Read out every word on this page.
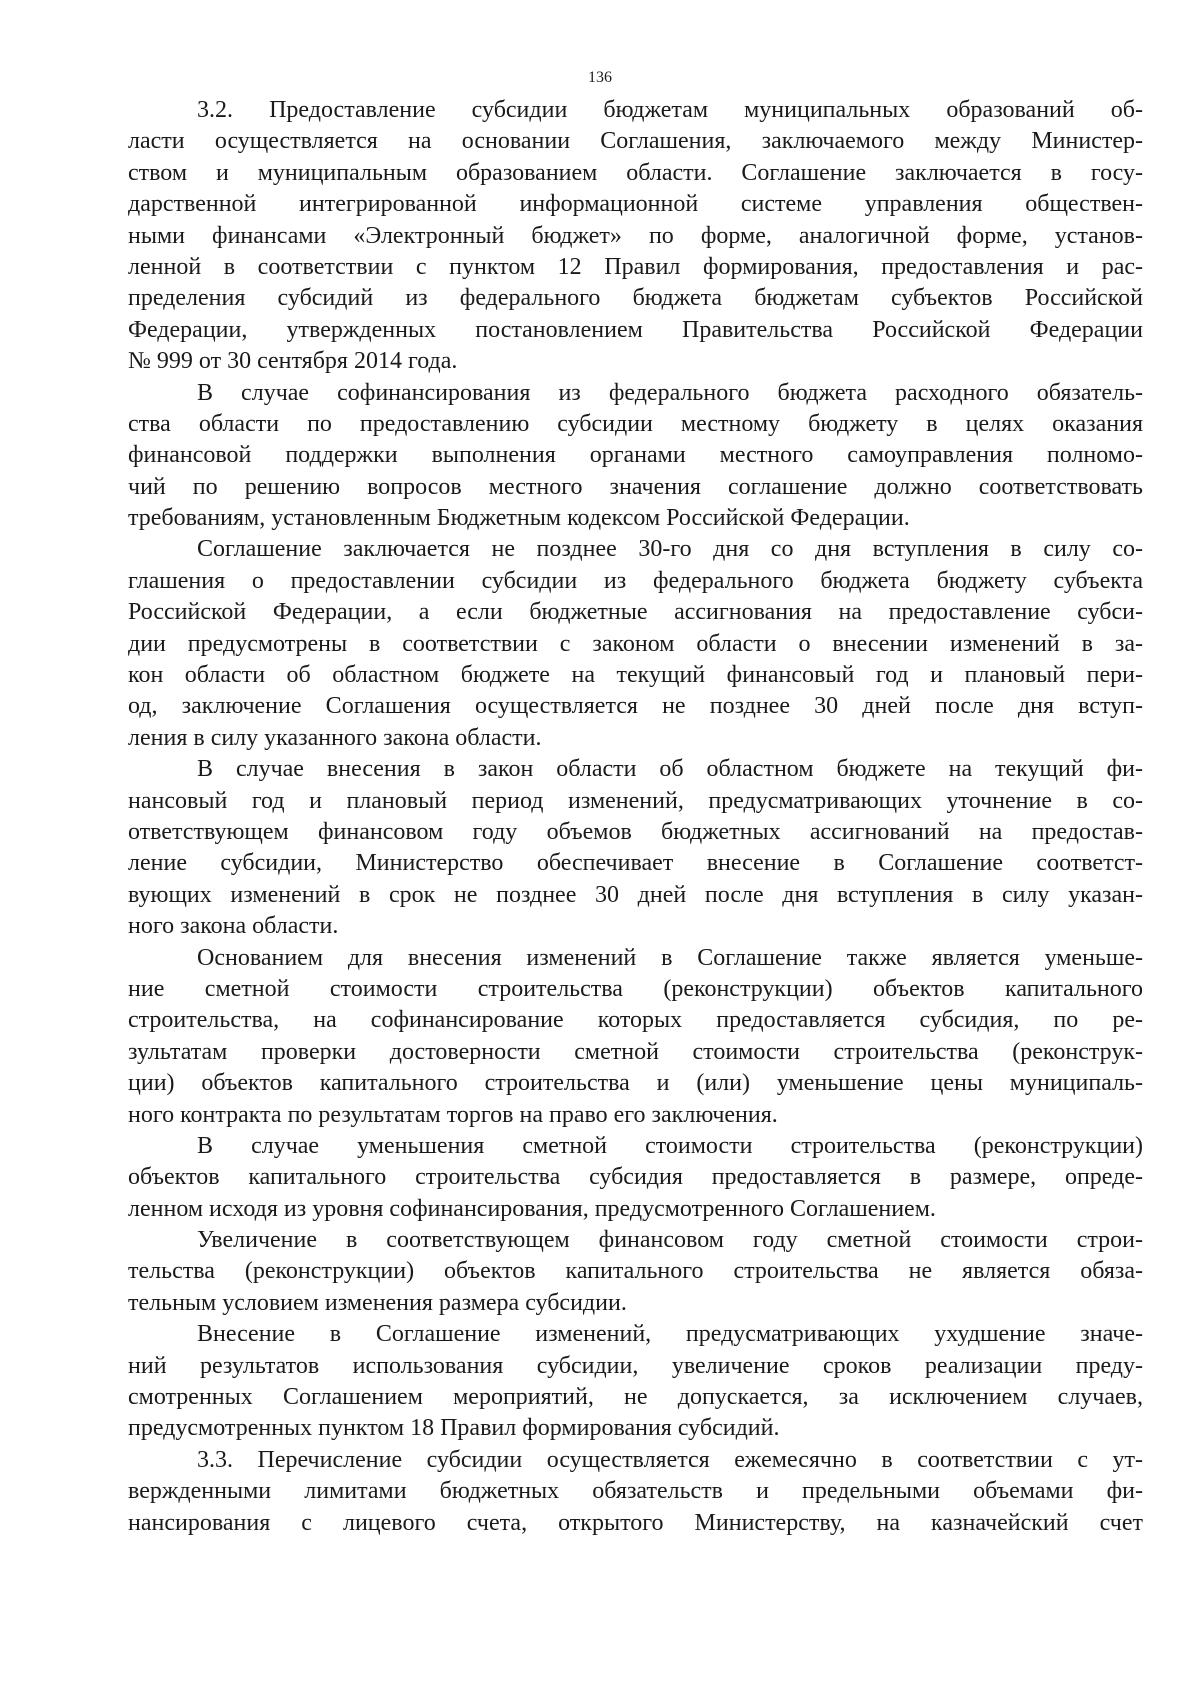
136
3.2. Предоставление субсидии бюджетам муниципальных образований об-
ласти осуществляется на основании Соглашения, заключаемого между Министер-
ством и муниципальным образованием области. Соглашение заключается в госу-
дарственной интегрированной информационной системе управления обществен-
ными финансами «Электронный бюджет» по форме, аналогичной форме, установ-
ленной в соответствии с пунктом 12 Правил формирования, предоставления и рас-
пределения субсидий из федерального бюджета бюджетам субъектов Российской
Федерации, утвержденных постановлением Правительства Российской Федерации
№ 999 от 30 сентября 2014 года.
В случае софинансирования из федерального бюджета расходного обязатель-
ства области по предоставлению субсидии местному бюджету в целях оказания
финансовой поддержки выполнения органами местного самоуправления полномо-
чий по решению вопросов местного значения соглашение должно соответствовать
требованиям, установленным Бюджетным кодексом Российской Федерации.
Соглашение заключается не позднее 30-го дня со дня вступления в силу со-
глашения о предоставлении субсидии из федерального бюджета бюджету субъекта
Российской Федерации, а если бюджетные ассигнования на предоставление субси-
дии предусмотрены в соответствии с законом области о внесении изменений в за-
кон области об областном бюджете на текущий финансовый год и плановый пери-
од, заключение Соглашения осуществляется не позднее 30 дней после дня вступ-
ления в силу указанного закона области.
В случае внесения в закон области об областном бюджете на текущий фи-
нансовый год и плановый период изменений, предусматривающих уточнение в со-
ответствующем финансовом году объемов бюджетных ассигнований на предостав-
ление субсидии, Министерство обеспечивает внесение в Соглашение соответст-
вующих изменений в срок не позднее 30 дней после дня вступления в силу указан-
ного закона области.
Основанием для внесения изменений в Соглашение также является уменьше-
ние сметной стоимости строительства (реконструкции) объектов капитального
строительства, на софинансирование которых предоставляется субсидия, по ре-
зультатам проверки достоверности сметной стоимости строительства (реконструк-
ции) объектов капитального строительства и (или) уменьшение цены муниципаль-
ного контракта по результатам торгов на право его заключения.
В случае уменьшения сметной стоимости строительства (реконструкции)
объектов капитального строительства субсидия предоставляется в размере, опреде-
ленном исходя из уровня софинансирования, предусмотренного Соглашением.
Увеличение в соответствующем финансовом году сметной стоимости строи-
тельства (реконструкции) объектов капитального строительства не является обяза-
тельным условием изменения размера субсидии.
Внесение в Соглашение изменений, предусматривающих ухудшение значе-
ний результатов использования субсидии, увеличение сроков реализации преду-
смотренных Соглашением мероприятий, не допускается, за исключением случаев,
предусмотренных пунктом 18 Правил формирования субсидий.
3.3. Перечисление субсидии осуществляется ежемесячно в соответствии с ут-
вержденными лимитами бюджетных обязательств и предельными объемами фи-
нансирования с лицевого счета, открытого Министерству, на казначейский счет
